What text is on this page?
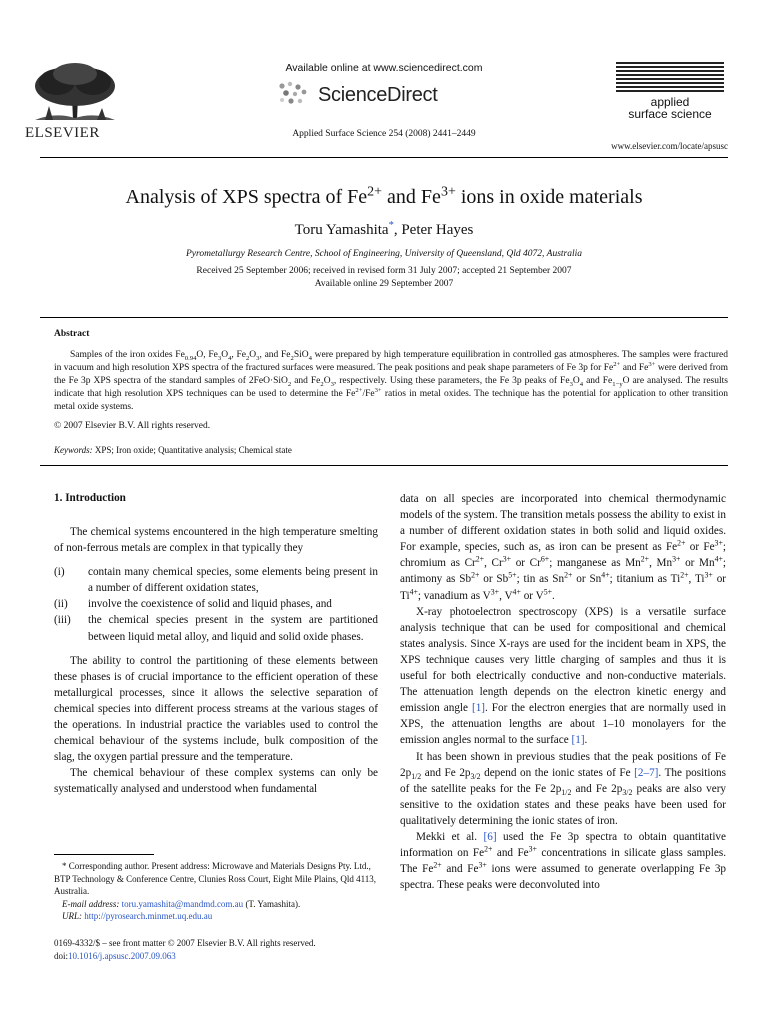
ELSEVIER
Available online at www.sciencedirect.com
ScienceDirect
Applied Surface Science 254 (2008) 2441–2449
applied
surface science
www.elsevier.com/locate/apsusc
Analysis of XPS spectra of $Fe^{2+}$ and $Fe^{3+}$ ions in oxide materials
Toru Yamashita*, Peter Hayes
Pyrometallurgy Research Centre, School of Engineering, University of Queensland, Qld 4072, Australia
Received 25 September 2006; received in revised form 31 July 2007; accepted 21 September 2007
Available online 29 September 2007
Abstract
Samples of the iron oxides $Fe_{0.94}O$, $Fe_3O_4$, $Fe_2O_3$, and $Fe_2SiO_4$ were prepared by high temperature equilibration in controlled gas atmospheres. The samples were fractured in vacuum and high resolution XPS spectra of the fractured surfaces were measured. The peak positions and peak shape parameters of Fe 3p for $Fe^{2+}$ and $Fe^{3+}$ were derived from the Fe 3p XPS spectra of the standard samples of 2FeO·SiO$_2$ and $Fe_2O_3$, respectively. Using these parameters, the Fe 3p peaks of $Fe_3O_4$ and $Fe_{1-y}O$ are analysed. The results indicate that high resolution XPS techniques can be used to determine the $Fe^{2+}/Fe^{3+}$ ratios in metal oxides. The technique has the potential for application to other transition metal oxide systems.
© 2007 Elsevier B.V. All rights reserved.
Keywords: XPS; Iron oxide; Quantitative analysis; Chemical state
1. Introduction

The chemical systems encountered in the high temperature smelting of non-ferrous metals are complex in that typically they

(i) contain many chemical species, some elements being present in a number of different oxidation states,

(ii) involve the coexistence of solid and liquid phases, and

(iii) the chemical species present in the system are partitioned between liquid metal alloy, and liquid and solid oxide phases.

The ability to control the partitioning of these elements between these phases is of crucial importance to the efficient operation of these metallurgical processes, since it allows the selective separation of chemical species into different process streams at the various stages of the operations. In industrial practice the variables used to control the chemical behaviour of the systems include, bulk composition of the slag, the oxygen partial pressure and the temperature.

The chemical behaviour of these complex systems can only be systematically analysed and understood when fundamental

* Corresponding author. Present address: Microwave and Materials Designs Pty. Ltd., BTP Technology & Conference Centre, Clunies Ross Court, Eight Mile Plains, Qld 4113, Australia.
E-mail address: toru.yamashita@mandmd.com.au (T. Yamashita).
URL: http://pyrosearch.minmet.uq.edu.au
0169-4332/$ – see front matter © 2007 Elsevier B.V. All rights reserved.
doi:10.1016/j.apsusc.2007.09.063

data on all species are incorporated into chemical thermodynamic models of the system. The transition metals possess the ability to exist in a number of different oxidation states in both solid and liquid oxides. For example, species, such as, as iron can be present as $Fe^{2+}$ or $Fe^{3+}$; chromium as $Cr^{2+}$, $Cr^{3+}$ or $Cr^{6+}$; manganese as $Mn^{2+}$, $Mn^{3+}$ or $Mn^{4+}$; antimony as $Sb^{2+}$ or $Sb^{5+}$; tin as $Sn^{2+}$ or $Sn^{4+}$; titanium as $Ti^{2+}$, $Ti^{3+}$ or $Ti^{4+}$; vanadium as $V^{3+}$, $V^{4+}$ or $V^{5+}$.

X-ray photoelectron spectroscopy (XPS) is a versatile surface analysis technique that can be used for compositional and chemical states analysis. Since X-rays are used for the incident beam in XPS, the XPS technique causes very little charging of samples and thus it is useful for both electrically conductive and non-conductive materials. The attenuation length depends on the electron kinetic energy and emission angle [1]. For the electron energies that are normally used in XPS, the attenuation lengths are about 1–10 monolayers for the emission angles normal to the surface [1].

It has been shown in previous studies that the peak positions of Fe $2p_{1/2}$ and Fe $2p_{3/2}$ depend on the ionic states of Fe [2–7]. The positions of the satellite peaks for the Fe $2p_{1/2}$ and Fe $2p_{3/2}$ peaks are also very sensitive to the oxidation states and these peaks have been used for qualitatively determining the ionic states of iron.

Mekki et al. [6] used the Fe 3p spectra to obtain quantitative information on $Fe^{2+}$ and $Fe^{3+}$ concentrations in silicate glass samples. The $Fe^{2+}$ and $Fe^{3+}$ ions were assumed to generate overlapping Fe 3p spectra. These peaks were deconvoluted into
